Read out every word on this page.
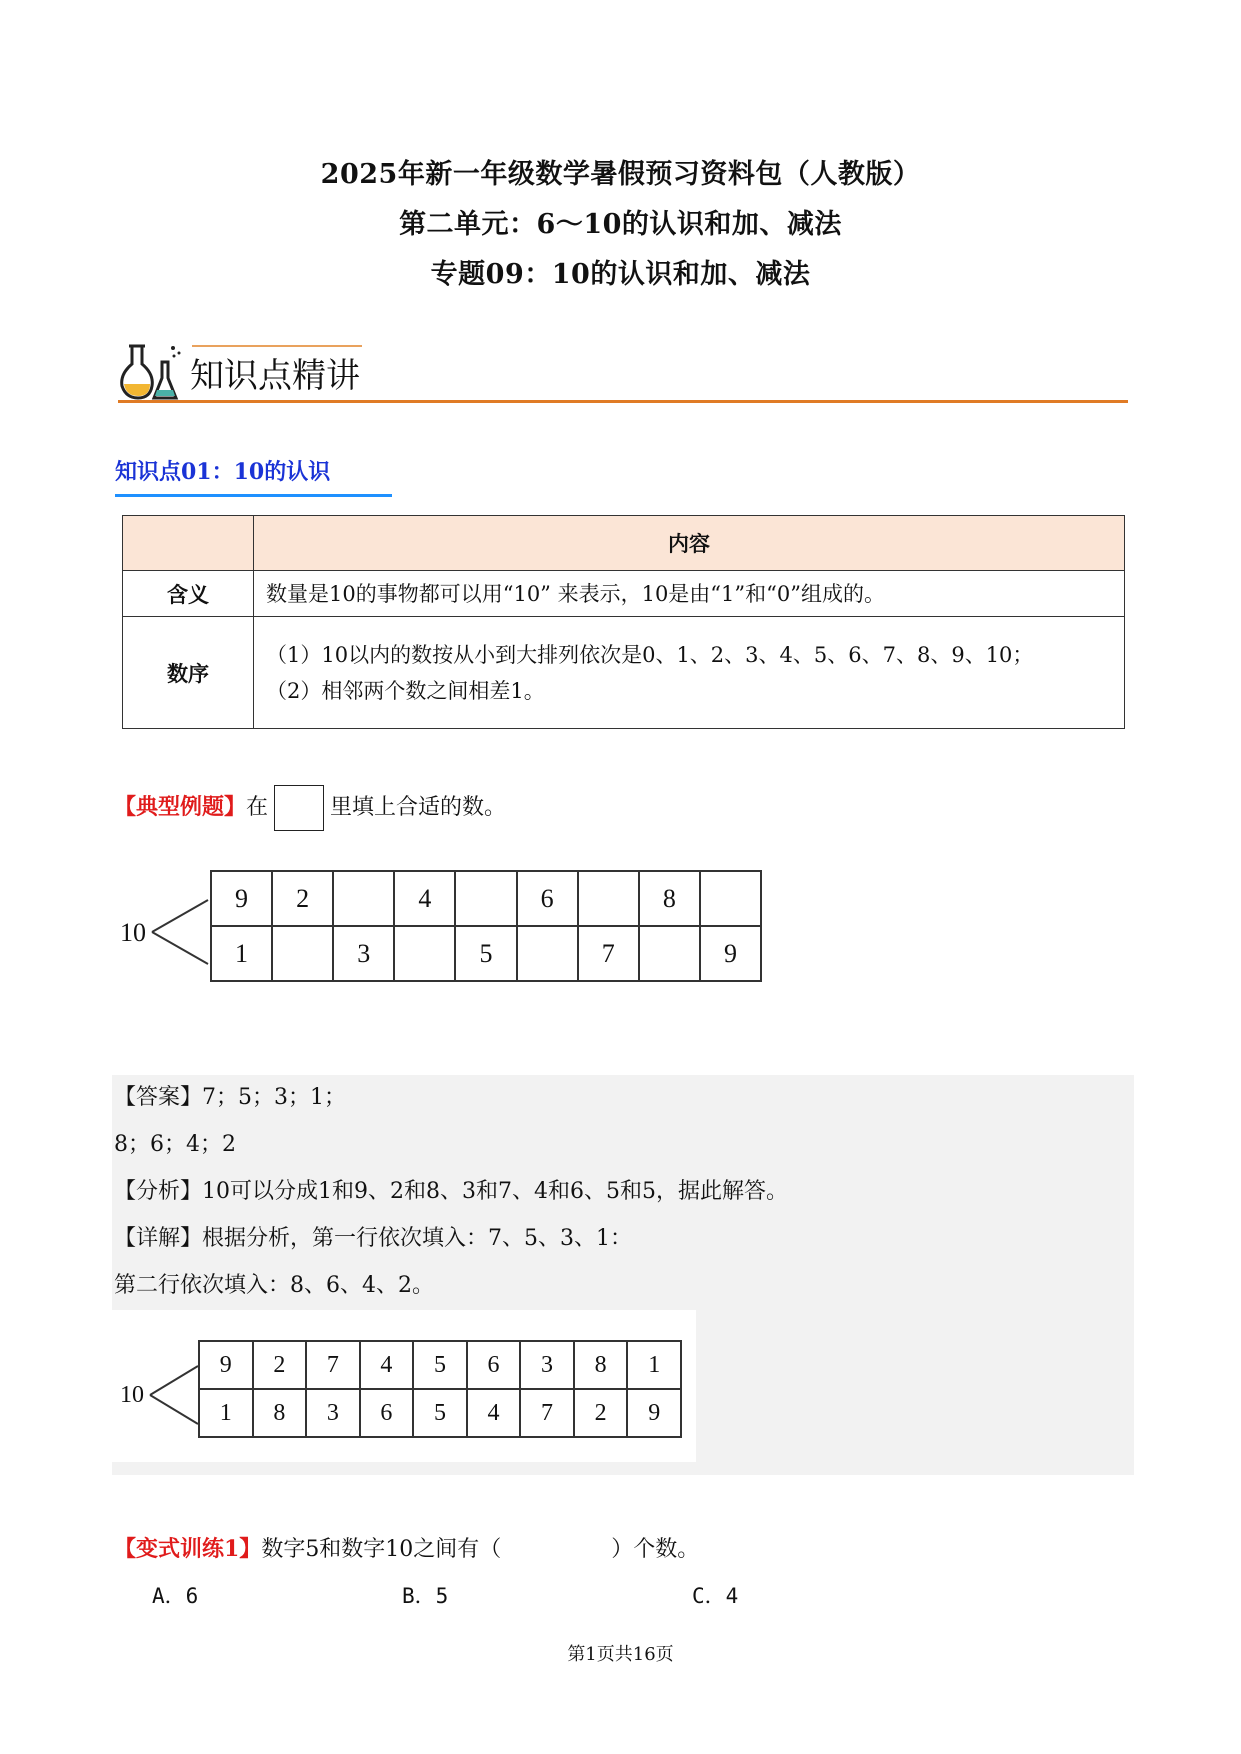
2025年新一年级数学暑假预习资料包（人教版）
第二单元：6～10的认识和加、减法
专题09：10的认识和加、减法
知识点精讲
知识点01：10的认识
	内容
含义	数量是10的事物都可以用“10” 来表示，10是由“1”和“0”组成的。
数序	（1）10以内的数按从小到大排列依次是0、1、2、3、4、5、6、7、8、9、10；
（2）相邻两个数之间相差1。
【典型例题】在	里填上合适的数。
10
9	2		4		6		8	
1		3		5		7		9
【答案】7；5；3；1；
8；6；4；2
【分析】10可以分成1和9、2和8、3和7、4和6、5和5，据此解答。
【详解】根据分析，第一行依次填入：7、5、3、1：
第二行依次填入：8、6、4、2。
10
9	2	7	4	5	6	3	8	1
1	8	3	6	5	4	7	2	9
【变式训练1】数字5和数字10之间有（　　　　　）个数。
A．6	B．5	C．4
第1页共16页
